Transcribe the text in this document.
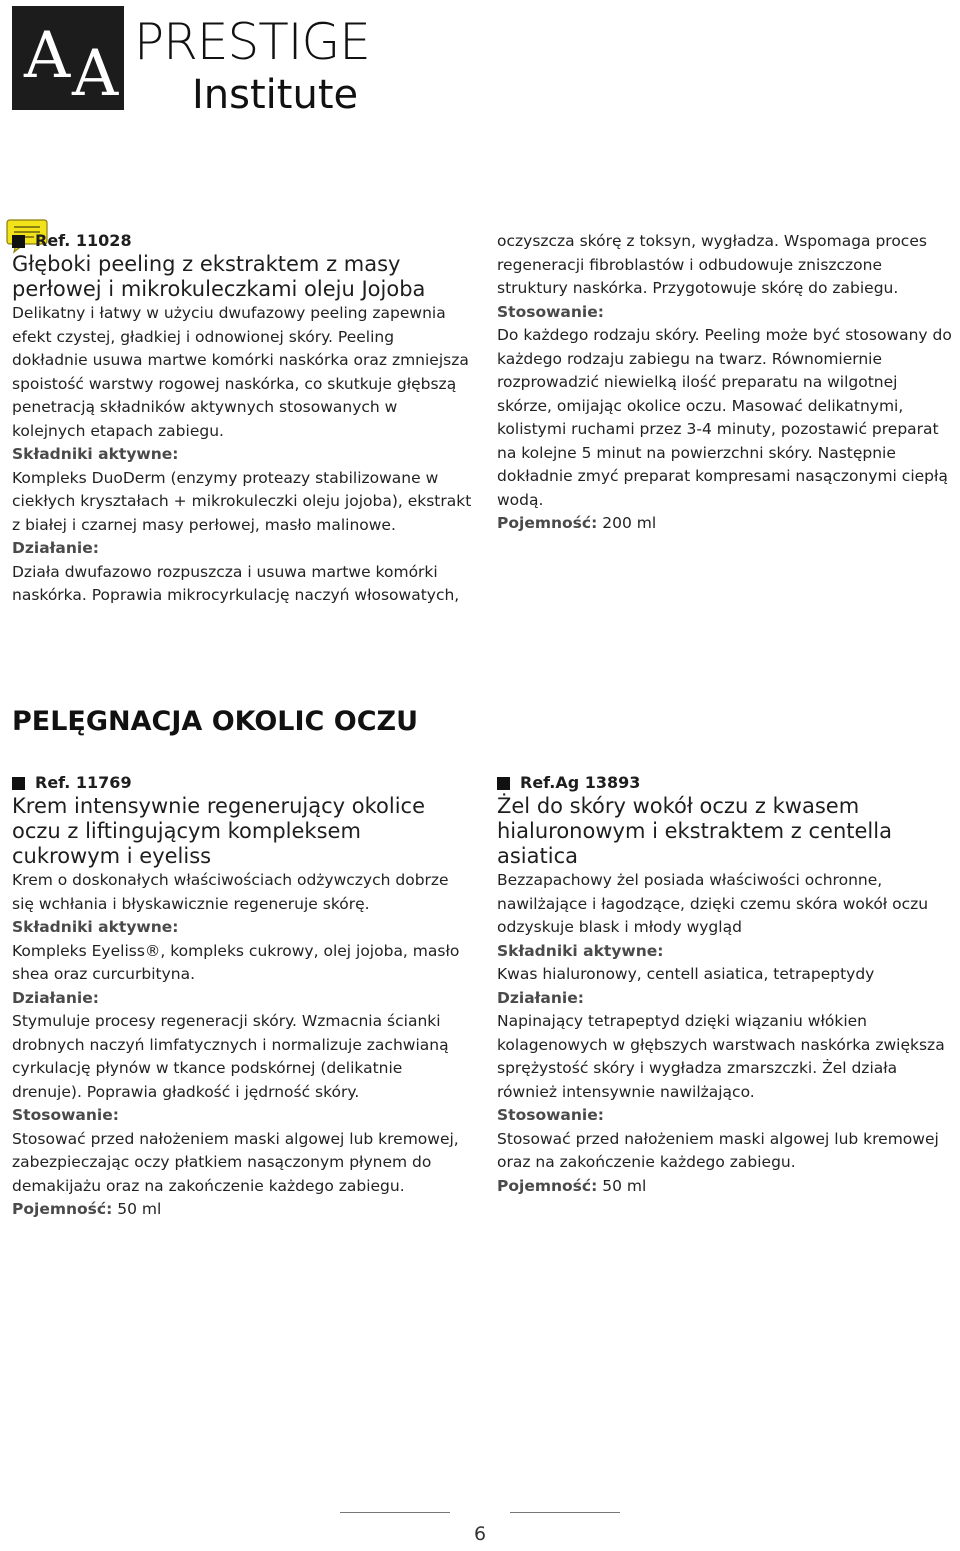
A A PRESTIGE
Institute
Ref. 11028

Głęboki peeling z ekstraktem z masy perłowej i mikrokuleczkami oleju Jojoba

Delikatny i łatwy w użyciu dwufazowy peeling zapewnia efekt czystej, gładkiej i odnowionej skóry. Peeling dokładnie usuwa martwe komórki naskórka oraz zmniejsza spoistość warstwy rogowej naskórka, co skutkuje głębszą penetracją składników aktywnych stosowanych w kolejnych etapach zabiegu.

Składniki aktywne:

Kompleks DuoDerm (enzymy proteazy stabilizowane w ciekłych kryształach + mikrokuleczki oleju jojoba), ekstrakt z białej i czarnej masy perłowej, masło malinowe.

Działanie:

Działa dwufazowo rozpuszcza i usuwa martwe komórki naskórka. Poprawia mikrocyrkulację naczyń włosowatych,

oczyszcza skórę z toksyn, wygładza. Wspomaga proces regeneracji fibroblastów i odbudowuje zniszczone struktury naskórka. Przygotowuje skórę do zabiegu.

Stosowanie:

Do każdego rodzaju skóry. Peeling może być stosowany do każdego rodzaju zabiegu na twarz. Równomiernie rozprowadzić niewielką ilość preparatu na wilgotnej skórze, omijając okolice oczu. Masować delikatnymi, kolistymi ruchami przez 3-4 minuty, pozostawić preparat na kolejne 5 minut na powierzchni skóry. Następnie dokładnie zmyć preparat kompresami nasączonymi ciepłą wodą.

Pojemność: 200 ml

PELĘGNACJA OKOLIC OCZU
Ref. 11769

Krem intensywnie regenerujący okolice oczu z liftingującym kompleksem cukrowym i eyeliss

Krem o doskonałych właściwościach odżywczych dobrze się wchłania i błyskawicznie regeneruje skórę.

Składniki aktywne:

Kompleks Eyeliss®, kompleks cukrowy, olej jojoba, masło shea oraz curcurbityna.

Działanie:

Stymuluje procesy regeneracji skóry. Wzmacnia ścianki drobnych naczyń limfatycznych i normalizuje zachwianą cyrkulację płynów w tkance podskórnej (delikatnie drenuje). Poprawia gładkość i jędrność skóry.

Stosowanie:

Stosować przed nałożeniem maski algowej lub kremowej, zabezpieczając oczy płatkiem nasączonym płynem do demakijażu oraz na zakończenie każdego zabiegu.

Pojemność: 50 ml

Ref.Ag 13893

Żel do skóry wokół oczu z kwasem hialuronowym i ekstraktem z centella asiatica

Bezzapachowy żel posiada właściwości ochronne, nawilżające i łagodzące, dzięki czemu skóra wokół oczu odzyskuje blask i młody wygląd

Składniki aktywne:

Kwas hialuronowy, centell asiatica, tetrapeptydy

Działanie:

Napinający tetrapeptyd dzięki wiązaniu włókien kolagenowych w głębszych warstwach naskórka zwiększa sprężystość skóry i wygładza zmarszczki. Żel działa również intensywnie nawilżająco.

Stosowanie:

Stosować przed nałożeniem maski algowej lub kremowej oraz na zakończenie każdego zabiegu.

Pojemność: 50 ml

6
